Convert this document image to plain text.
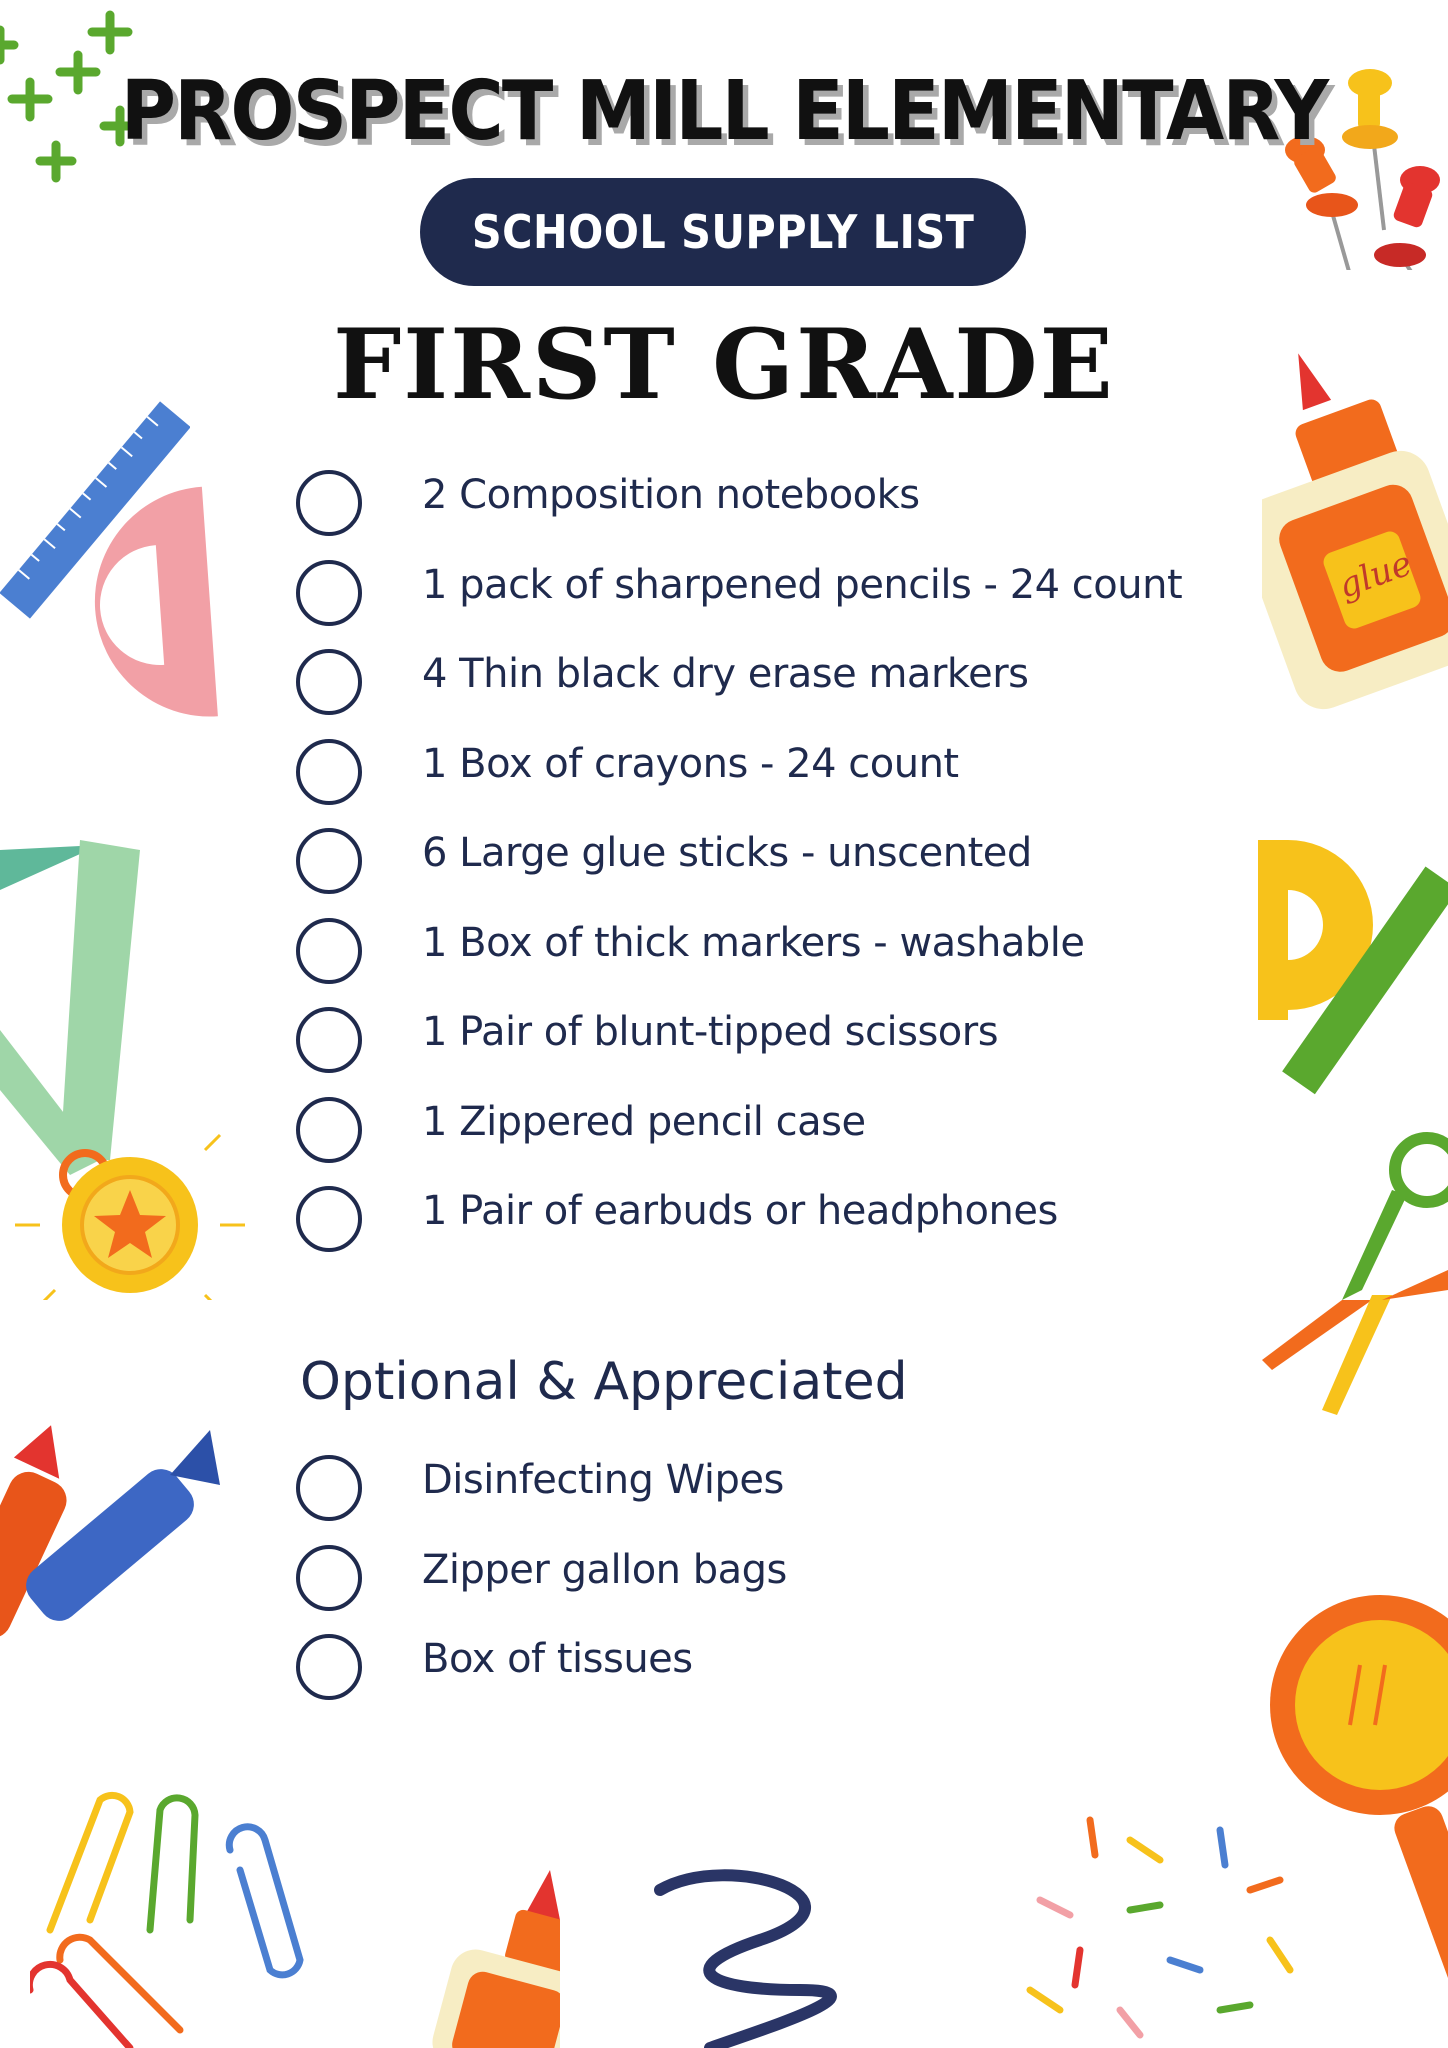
glue
PROSPECT MILL ELEMENTARY
SCHOOL SUPPLY LIST
FIRST GRADE
2 Composition notebooks
1 pack of sharpened pencils - 24 count
4 Thin black dry erase markers
1 Box of crayons - 24 count
6 Large glue sticks - unscented
1 Box of thick markers - washable
1 Pair of blunt-tipped scissors
1 Zippered pencil case
1 Pair of earbuds or headphones
Optional & Appreciated
Disinfecting Wipes
Zipper gallon bags
Box of tissues
